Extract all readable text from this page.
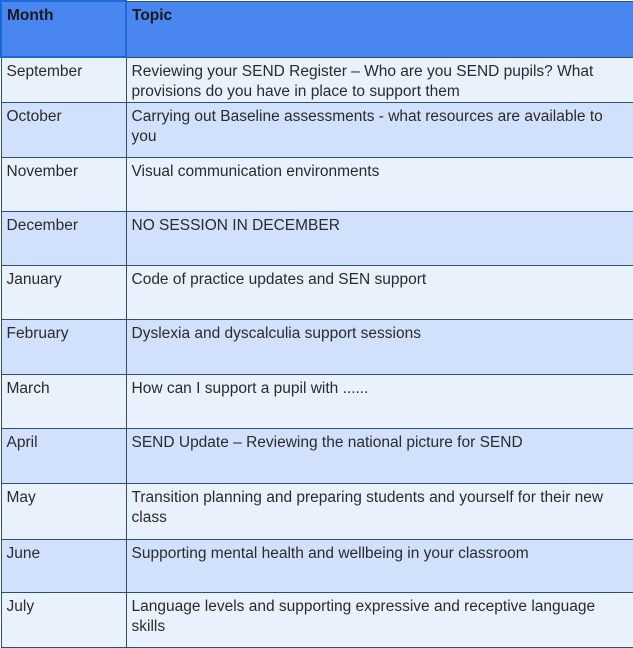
Month	Topic
September	Reviewing your SEND Register – Who are you SEND pupils? What provisions do you have in place to support them
October	Carrying out Baseline assessments - what resources are available to you
November	Visual communication environments
December	NO SESSION IN DECEMBER
January	Code of practice updates and SEN support
February	Dyslexia and dyscalculia support sessions
March	How can I support a pupil with ......
April	SEND Update – Reviewing the national picture for SEND
May	Transition planning and preparing students and yourself for their new class
June	Supporting mental health and wellbeing in your classroom
July	Language levels and supporting expressive and receptive language skills
